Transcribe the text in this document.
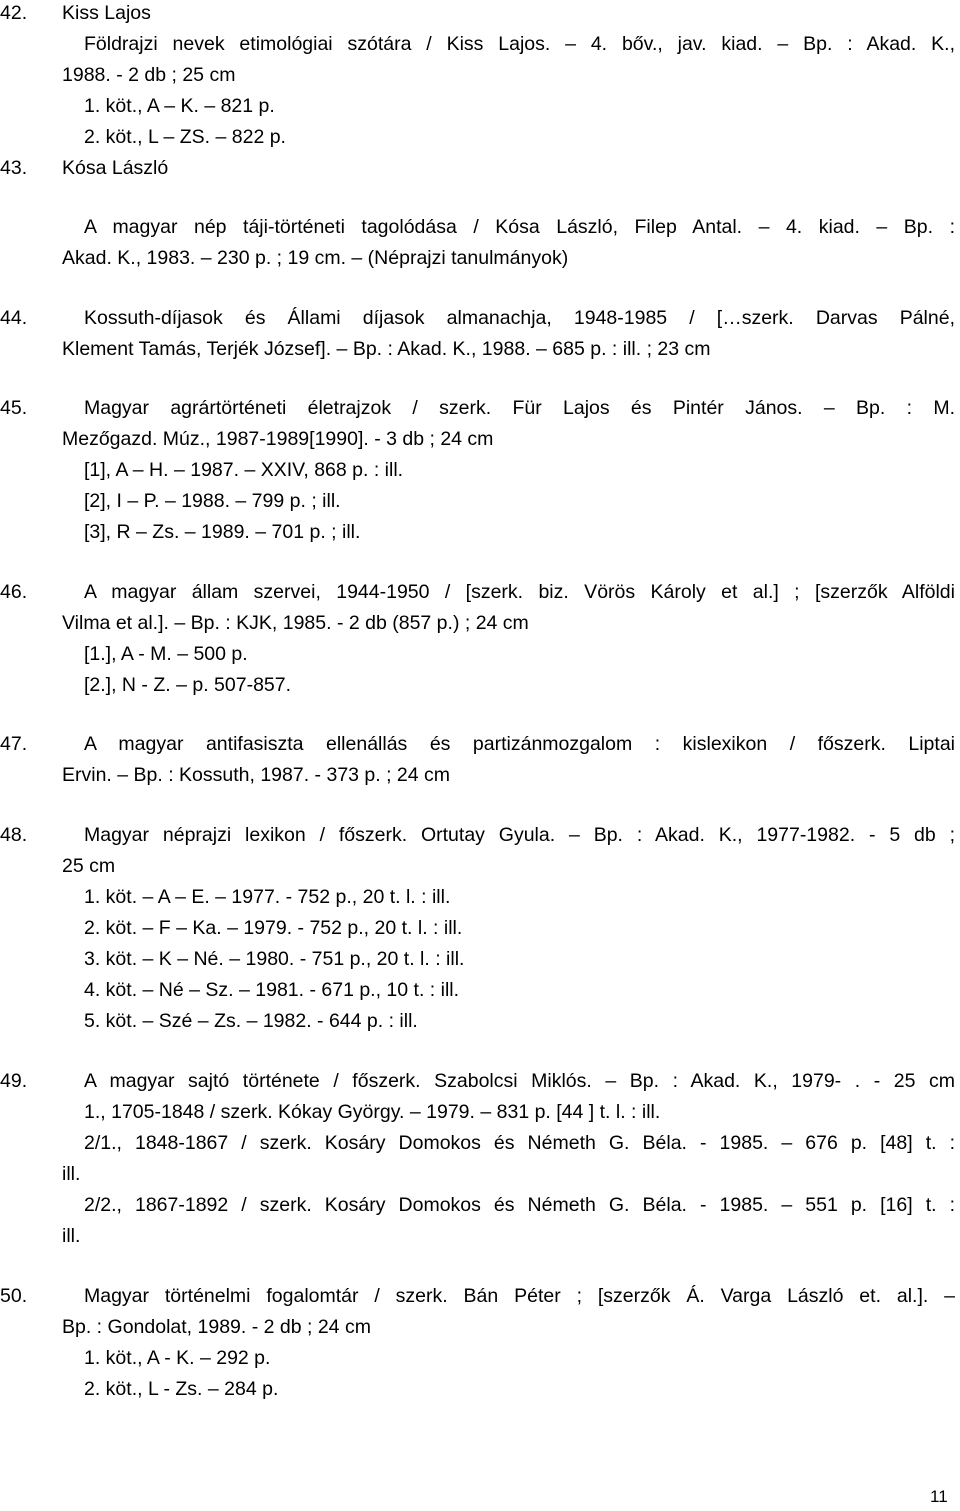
42. Kiss Lajos
Földrajzi nevek etimológiai szótára / Kiss Lajos. – 4. bőv., jav. kiad. – Bp. : Akad. K.,
1988. - 2 db ; 25 cm
1. köt., A – K. – 821 p.
2. köt., L – ZS. – 822 p.
43. Kósa László
A magyar nép táji-történeti tagolódása / Kósa László, Filep Antal. – 4. kiad. – Bp. :
Akad. K., 1983. – 230 p. ; 19 cm. – (Néprajzi tanulmányok)
44.	Kossuth-díjasok és Állami díjasok almanachja, 1948-1985 / […szerk. Darvas Pálné,
Klement Tamás, Terjék József]. – Bp. : Akad. K., 1988. – 685 p. : ill. ; 23 cm
45.	Magyar agrártörténeti életrajzok / szerk. Für Lajos és Pintér János. – Bp. : M.
Mezőgazd. Múz., 1987-1989[1990]. - 3 db ; 24 cm
[1], A – H. – 1987. – XXIV, 868 p. : ill.
[2], I – P. – 1988. – 799 p. ; ill.
[3], R – Zs. – 1989. – 701 p. ; ill.
46.	A magyar állam szervei, 1944-1950 / [szerk. biz. Vörös Károly et al.] ; [szerzők Alföldi
Vilma et al.]. – Bp. : KJK, 1985. - 2 db (857 p.) ; 24 cm
[1.], A - M. – 500 p.
[2.], N - Z. – p. 507-857.
47.	A magyar antifasiszta ellenállás és partizánmozgalom : kislexikon / főszerk. Liptai
Ervin. – Bp. : Kossuth, 1987. - 373 p. ; 24 cm
48.	Magyar néprajzi lexikon / főszerk. Ortutay Gyula. – Bp. : Akad. K., 1977-1982. - 5 db ;
25 cm
1. köt. – A – E. – 1977. - 752 p., 20 t. l. : ill.
2. köt. – F – Ka. – 1979. - 752 p., 20 t. l. : ill.
3. köt. – K – Né. – 1980. - 751 p., 20 t. l. : ill.
4. köt. – Né – Sz. – 1981. - 671 p., 10 t. : ill.
5. köt. – Szé – Zs. – 1982. - 644 p. : ill.
49.	A magyar sajtó története / főszerk. Szabolcsi Miklós. – Bp. : Akad. K., 1979- . - 25 cm
1., 1705-1848 / szerk. Kókay György. – 1979. – 831 p. [44 ] t. l. : ill.
2/1., 1848-1867 / szerk. Kosáry Domokos és Németh G. Béla. - 1985. – 676 p. [48] t. :
ill.
2/2., 1867-1892 / szerk. Kosáry Domokos és Németh G. Béla. - 1985. – 551 p. [16] t. :
ill.
50.	Magyar történelmi fogalomtár / szerk. Bán Péter ; [szerzők Á. Varga László et. al.]. –
Bp. : Gondolat, 1989. - 2 db ; 24 cm
1. köt., A - K. – 292 p.
2. köt., L - Zs. – 284 p.
11
